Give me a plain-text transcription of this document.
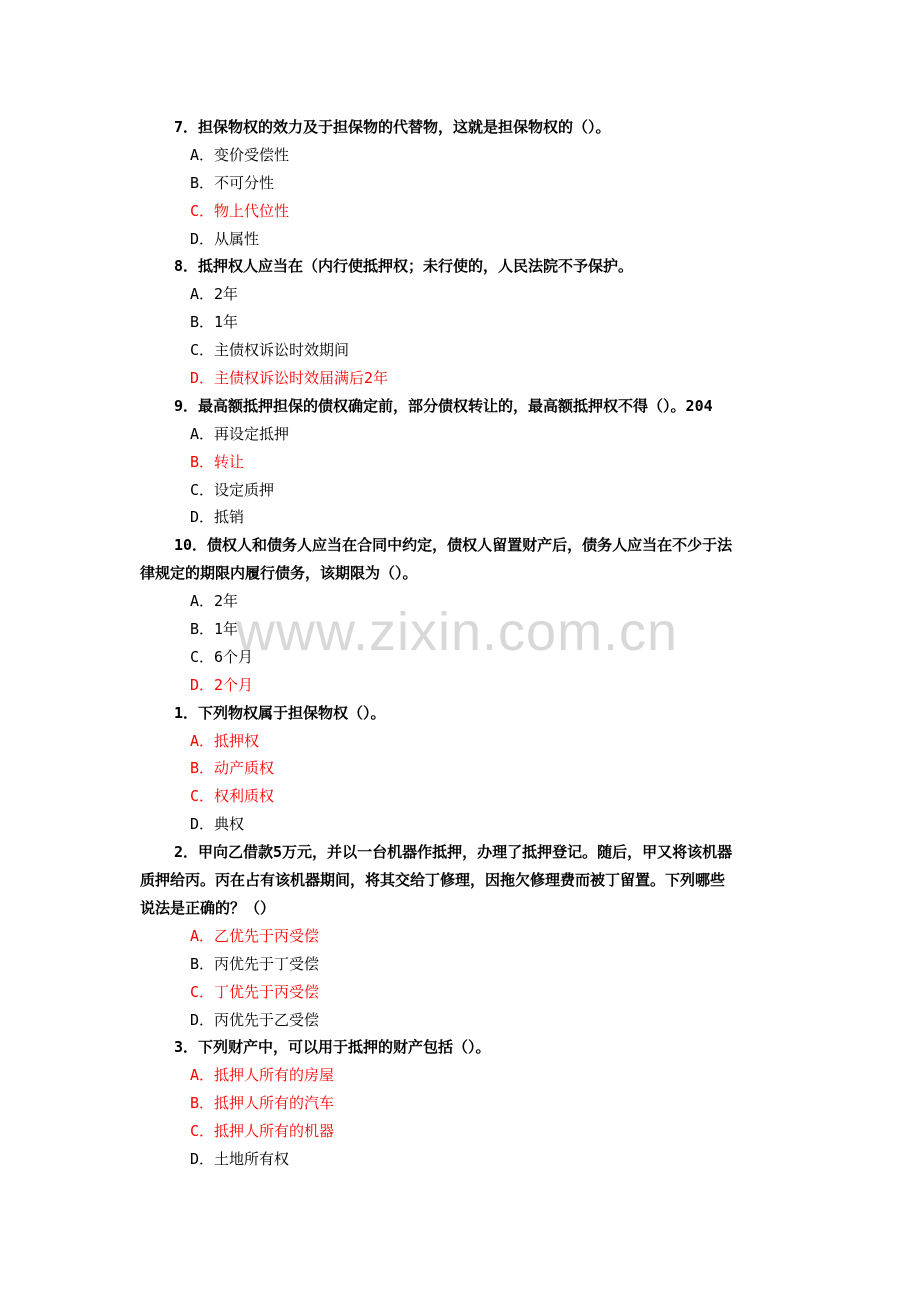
7．担保物权的效力及于担保物的代替物，这就是担保物权的（）。
A．变价受偿性
B．不可分性
C．物上代位性
D．从属性
8．抵押权人应当在（内行使抵押权；未行使的，人民法院不予保护。
A．2年
B．1年
C．主债权诉讼时效期间
D．主债权诉讼时效届满后2年
9．最高额抵押担保的债权确定前，部分债权转让的，最高额抵押权不得（）。204
A．再设定抵押
B．转让
C．设定质押
D．抵销
10．债权人和债务人应当在合同中约定，债权人留置财产后，债务人应当在不少于法
律规定的期限内履行债务，该期限为（）。
A．2年
B．1年
C．6个月
D．2个月
1．下列物权属于担保物权（）。
A．抵押权
B．动产质权
C．权利质权
D．典权
2．甲向乙借款5万元，并以一台机器作抵押，办理了抵押登记。随后，甲又将该机器
质押给丙。丙在占有该机器期间，将其交给丁修理，因拖欠修理费而被丁留置。下列哪些
说法是正确的？（）
A．乙优先于丙受偿
B．丙优先于丁受偿
C．丁优先于丙受偿
D．丙优先于乙受偿
3．下列财产中，可以用于抵押的财产包括（）。
A．抵押人所有的房屋
B．抵押人所有的汽车
C．抵押人所有的机器
D．土地所有权
www.zixin.com.cn
